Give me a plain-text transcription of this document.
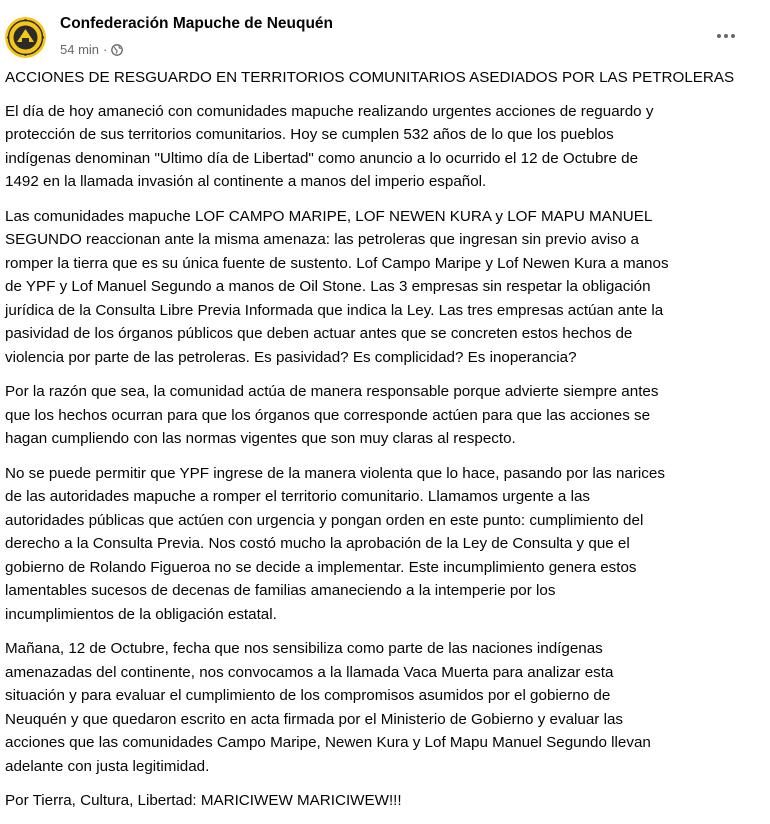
Confederación Mapuche de Neuquén
54 min ·

ACCIONES DE RESGUARDO EN TERRITORIOS COMUNITARIOS ASEDIADOS POR LAS PETROLERAS

El día de hoy amaneció con comunidades mapuche realizando urgentes acciones de reguardo y
protección de sus territorios comunitarios. Hoy se cumplen 532 años de lo que los pueblos
indígenas denominan "Ultimo día de Libertad" como anuncio a lo ocurrido el 12 de Octubre de
1492 en la llamada invasión al continente a manos del imperio español.

Las comunidades mapuche LOF CAMPO MARIPE, LOF NEWEN KURA y LOF MAPU MANUEL
SEGUNDO reaccionan ante la misma amenaza: las petroleras que ingresan sin previo aviso a
romper la tierra que es su única fuente de sustento. Lof Campo Maripe y Lof Newen Kura a manos
de YPF y Lof Manuel Segundo a manos de Oil Stone. Las 3 empresas sin respetar la obligación
jurídica de la Consulta Libre Previa Informada que indica la Ley. Las tres empresas actúan ante la
pasividad de los órganos públicos que deben actuar antes que se concreten estos hechos de
violencia por parte de las petroleras. Es pasividad? Es complicidad? Es inoperancia?

Por la razón que sea, la comunidad actúa de manera responsable porque advierte siempre antes
que los hechos ocurran para que los órganos que corresponde actúen para que las acciones se
hagan cumpliendo con las normas vigentes que son muy claras al respecto.

No se puede permitir que YPF ingrese de la manera violenta que lo hace, pasando por las narices
de las autoridades mapuche a romper el territorio comunitario. Llamamos urgente a las
autoridades públicas que actúen con urgencia y pongan orden en este punto: cumplimiento del
derecho a la Consulta Previa. Nos costó mucho la aprobación de la Ley de Consulta y que el
gobierno de Rolando Figueroa no se decide a implementar. Este incumplimiento genera estos
lamentables sucesos de decenas de familias amaneciendo a la intemperie por los
incumplimientos de la obligación estatal.

Mañana, 12 de Octubre, fecha que nos sensibiliza como parte de las naciones indígenas
amenazadas del continente, nos convocamos a la llamada Vaca Muerta para analizar esta
situación y para evaluar el cumplimiento de los compromisos asumidos por el gobierno de
Neuquén y que quedaron escrito en acta firmada por el Ministerio de Gobierno y evaluar las
acciones que las comunidades Campo Maripe, Newen Kura y Lof Mapu Manuel Segundo llevan
adelante con justa legitimidad.

Por Tierra, Cultura, Libertad: MARICIWEW MARICIWEW!!!
